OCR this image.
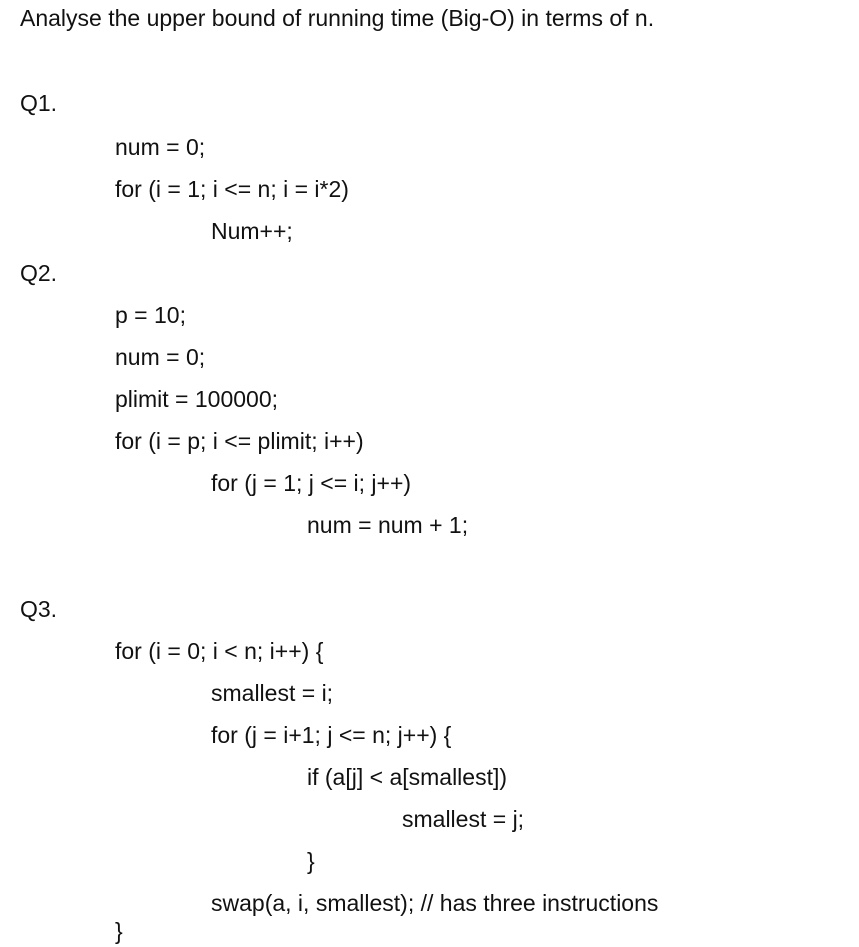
Analyse the upper bound of running time (Big-O) in terms of n.
Q1.
num = 0;
for (i = 1; i <= n; i = i*2)
Num++;
Q2.
p = 10;
num = 0;
plimit = 100000;
for (i = p; i <= plimit; i++)
for (j = 1; j <= i; j++)
num = num + 1;
Q3.
for (i = 0; i < n; i++) {
smallest = i;
for (j = i+1; j <= n; j++) {
if (a[j] < a[smallest])
smallest = j;
}
swap(a, i, smallest); // has three instructions
}
